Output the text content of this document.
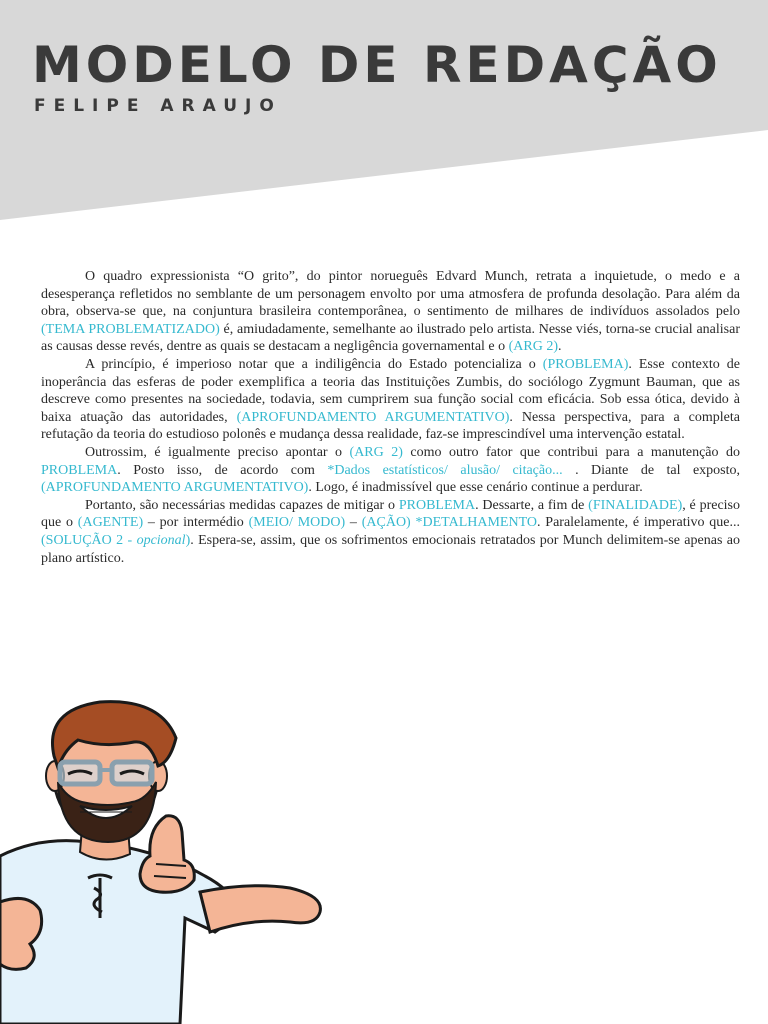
MODELO DE REDAÇÃO
FELIPE ARAUJO

O quadro expressionista “O grito”, do pintor norueguês Edvard Munch, retrata a inquietude, o medo e a desesperança refletidos no semblante de um personagem envolto por uma atmosfera de profunda desolação. Para além da obra, observa-se que, na conjuntura brasileira contemporânea, o sentimento de milhares de indivíduos assolados pelo (TEMA PROBLEMATIZADO) é, amiudadamente, semelhante ao ilustrado pelo artista. Nesse viés, torna-se crucial analisar as causas desse revés, dentre as quais se destacam a negligência governamental e o (ARG 2).

A princípio, é imperioso notar que a indiligência do Estado potencializa o (PROBLEMA). Esse contexto de inoperância das esferas de poder exemplifica a teoria das Instituições Zumbis, do sociólogo Zygmunt Bauman, que as descreve como presentes na sociedade, todavia, sem cumprirem sua função social com eficácia. Sob essa ótica, devido à baixa atuação das autoridades, (APROFUNDAMENTO ARGUMENTATIVO). Nessa perspectiva, para a completa refutação da teoria do estudioso polonês e mudança dessa realidade, faz-se imprescindível uma intervenção estatal.

Outrossim, é igualmente preciso apontar o (ARG 2) como outro fator que contribui para a manutenção do PROBLEMA. Posto isso, de acordo com *Dados estatísticos/ alusão/ citação... . Diante de tal exposto, (APROFUNDAMENTO ARGUMENTATIVO). Logo, é inadmissível que esse cenário continue a perdurar.

Portanto, são necessárias medidas capazes de mitigar o PROBLEMA. Dessarte, a fim de (FINALIDADE), é preciso que o (AGENTE) – por intermédio (MEIO/ MODO) – (AÇÃO) *DETALHAMENTO. Paralelamente, é imperativo que... (SOLUÇÃO 2 - opcional). Espera-se, assim, que os sofrimentos emocionais retratados por Munch delimitem-se apenas ao plano artístico.
